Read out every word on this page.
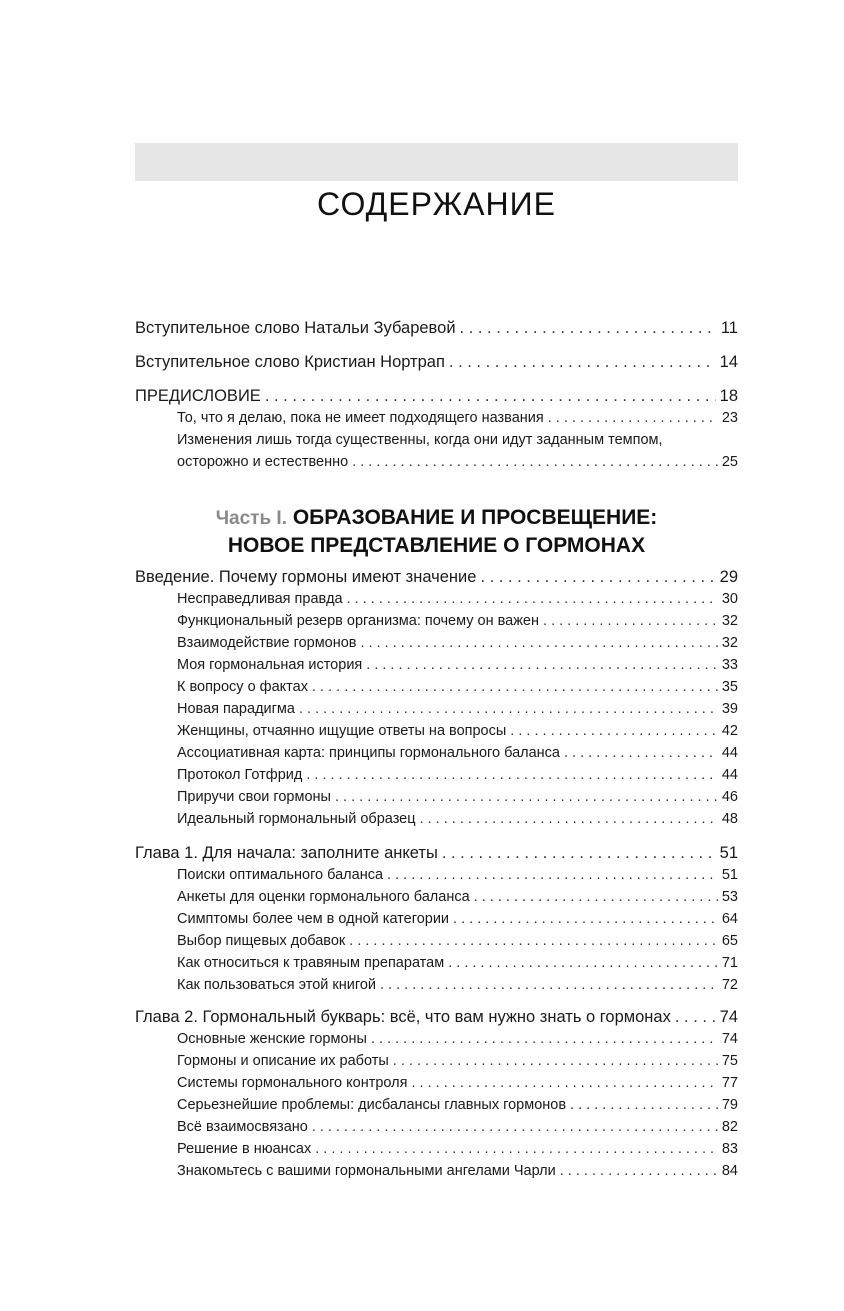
СОДЕРЖАНИЕ
Вступительное слово Натальи Зубаревой . . .	11
Вступительное слово Кристиан Нортрап . . .	14
ПРЕДИСЛОВИЕ . . .	18
То, что я делаю, пока не имеет подходящего названия . . .	23
Изменения лишь тогда существенны, когда они идут заданным темпом,
осторожно и естественно . . .	25
Часть I. ОБРАЗОВАНИЕ И ПРОСВЕЩЕНИЕ:
НОВОЕ ПРЕДСТАВЛЕНИЕ О ГОРМОНАХ
Введение. Почему гормоны имеют значение . . .	29
Несправедливая правда . . .	30
Функциональный резерв организма: почему он важен . . .	32
Взаимодействие гормонов . . .	32
Моя гормональная история . . .	33
К вопросу о фактах . . .	35
Новая парадигма . . .	39
Женщины, отчаянно ищущие ответы на вопросы . . .	42
Ассоциативная карта: принципы гормонального баланса . . .	44
Протокол Готфрид . . .	44
Приручи свои гормоны . . .	46
Идеальный гормональный образец . . .	48
Глава 1. Для начала: заполните анкеты . . .	51
Поиски оптимального баланса . . .	51
Анкеты для оценки гормонального баланса . . .	53
Симптомы более чем в одной категории . . .	64
Выбор пищевых добавок . . .	65
Как относиться к травяным препаратам . . .	71
Как пользоваться этой книгой . . .	72
Глава 2. Гормональный букварь: всё, что вам нужно знать о гормонах . . .	74
Основные женские гормоны . . .	74
Гормоны и описание их работы . . .	75
Системы гормонального контроля . . .	77
Серьезнейшие проблемы: дисбалансы главных гормонов . . .	79
Всё взаимосвязано . . .	82
Решение в нюансах . . .	83
Знакомьтесь с вашими гормональными ангелами Чарли . . .	84
